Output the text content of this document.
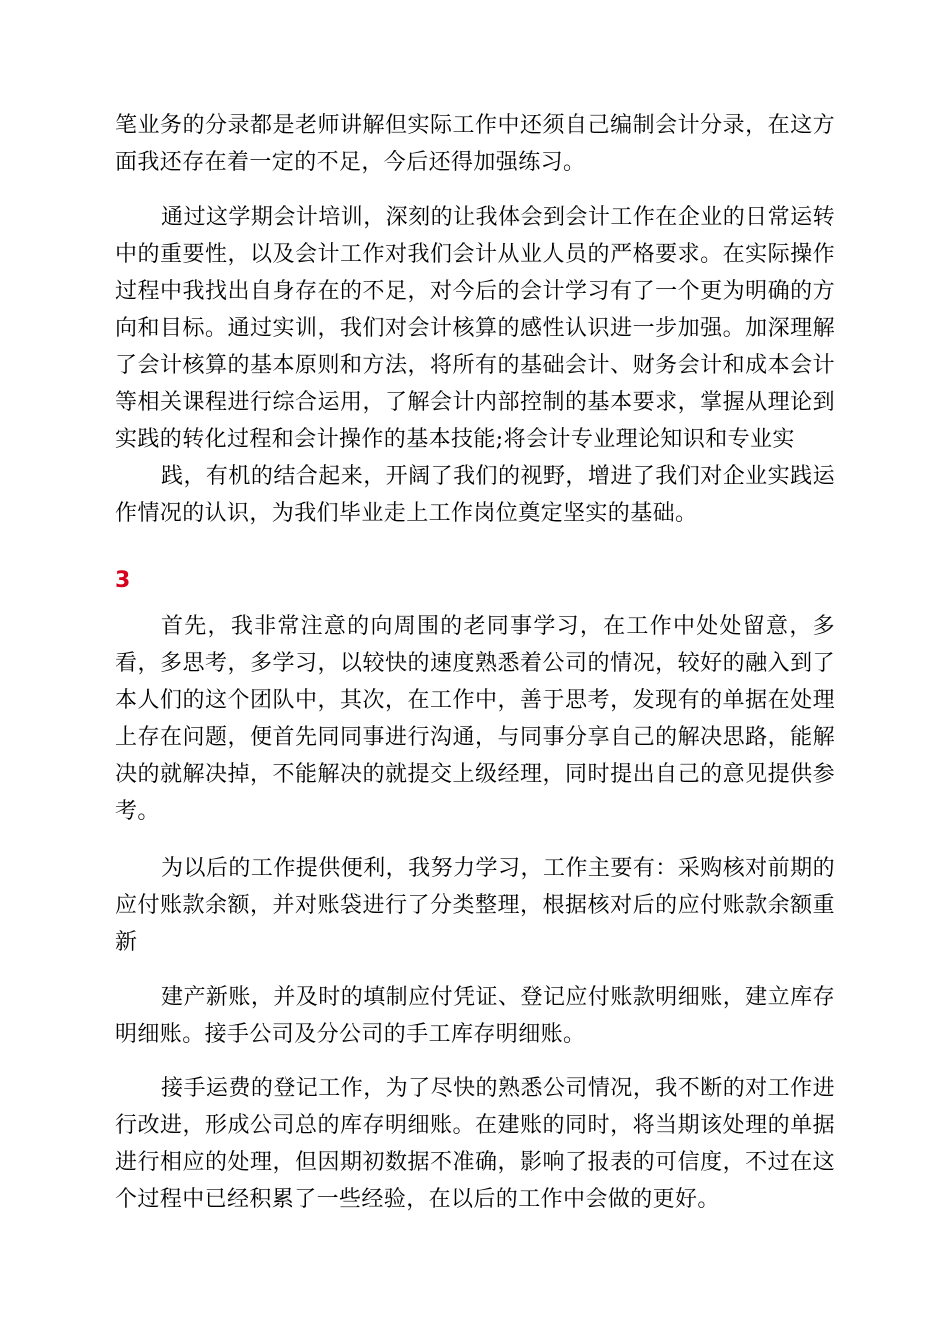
笔业务的分录都是老师讲解但实际工作中还须自己编制会计分录，在这方面我还存在着一定的不足，今后还得加强练习。

通过这学期会计培训，深刻的让我体会到会计工作在企业的日常运转中的重要性，以及会计工作对我们会计从业人员的严格要求。在实际操作过程中我找出自身存在的不足，对今后的会计学习有了一个更为明确的方向和目标。通过实训，我们对会计核算的感性认识进一步加强。加深理解了会计核算的基本原则和方法，将所有的基础会计、财务会计和成本会计等相关课程进行综合运用，了解会计内部控制的基本要求，掌握从理论到实践的转化过程和会计操作的基本技能;将会计专业理论知识和专业实

践，有机的结合起来，开阔了我们的视野，增进了我们对企业实践运作情况的认识，为我们毕业走上工作岗位奠定坚实的基础。

3

首先，我非常注意的向周围的老同事学习，在工作中处处留意，多看，多思考，多学习，以较快的速度熟悉着公司的情况，较好的融入到了本人们的这个团队中，其次，在工作中，善于思考，发现有的单据在处理上存在问题，便首先同同事进行沟通，与同事分享自己的解决思路，能解决的就解决掉，不能解决的就提交上级经理，同时提出自己的意见提供参考。

为以后的工作提供便利，我努力学习，工作主要有：采购核对前期的应付账款余额，并对账袋进行了分类整理，根据核对后的应付账款余额重新

建产新账，并及时的填制应付凭证、登记应付账款明细账，建立库存明细账。接手公司及分公司的手工库存明细账。

接手运费的登记工作，为了尽快的熟悉公司情况，我不断的对工作进行改进，形成公司总的库存明细账。在建账的同时，将当期该处理的单据进行相应的处理，但因期初数据不准确，影响了报表的可信度，不过在这个过程中已经积累了一些经验，在以后的工作中会做的更好。
